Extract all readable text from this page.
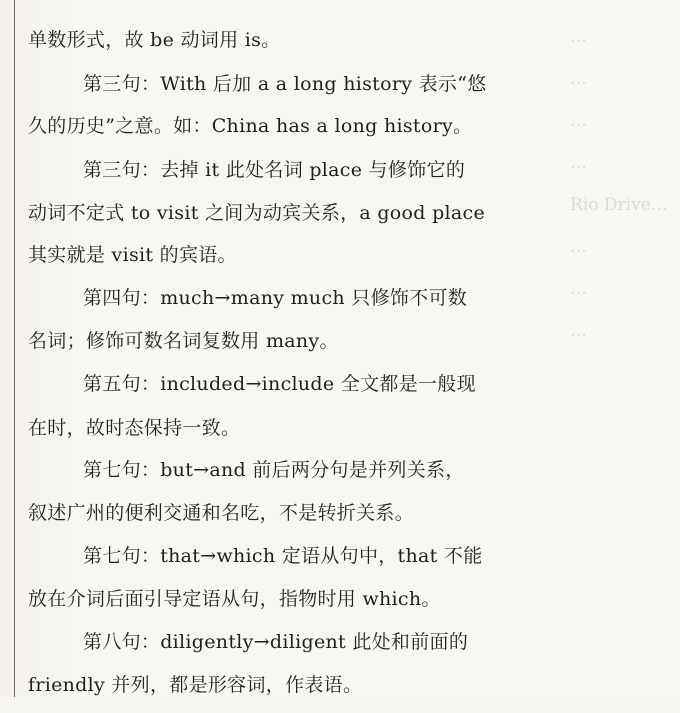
…
…
…
…
Rio Drive…
…
…
…
单数形式，故 be 动词用 is。
第三句：With 后加 a a long history 表示“悠
久的历史”之意。如：China has a long history。
第三句：去掉 it 此处名词 place 与修饰它的
动词不定式 to visit 之间为动宾关系，a good place
其实就是 visit 的宾语。
第四句：much→many much 只修饰不可数
名词；修饰可数名词复数用 many。
第五句：included→include 全文都是一般现
在时，故时态保持一致。
第七句：but→and 前后两分句是并列关系，
叙述广州的便利交通和名吃，不是转折关系。
第七句：that→which 定语从句中，that 不能
放在介词后面引导定语从句，指物时用 which。
第八句：diligently→diligent 此处和前面的
friendly 并列，都是形容词，作表语。
